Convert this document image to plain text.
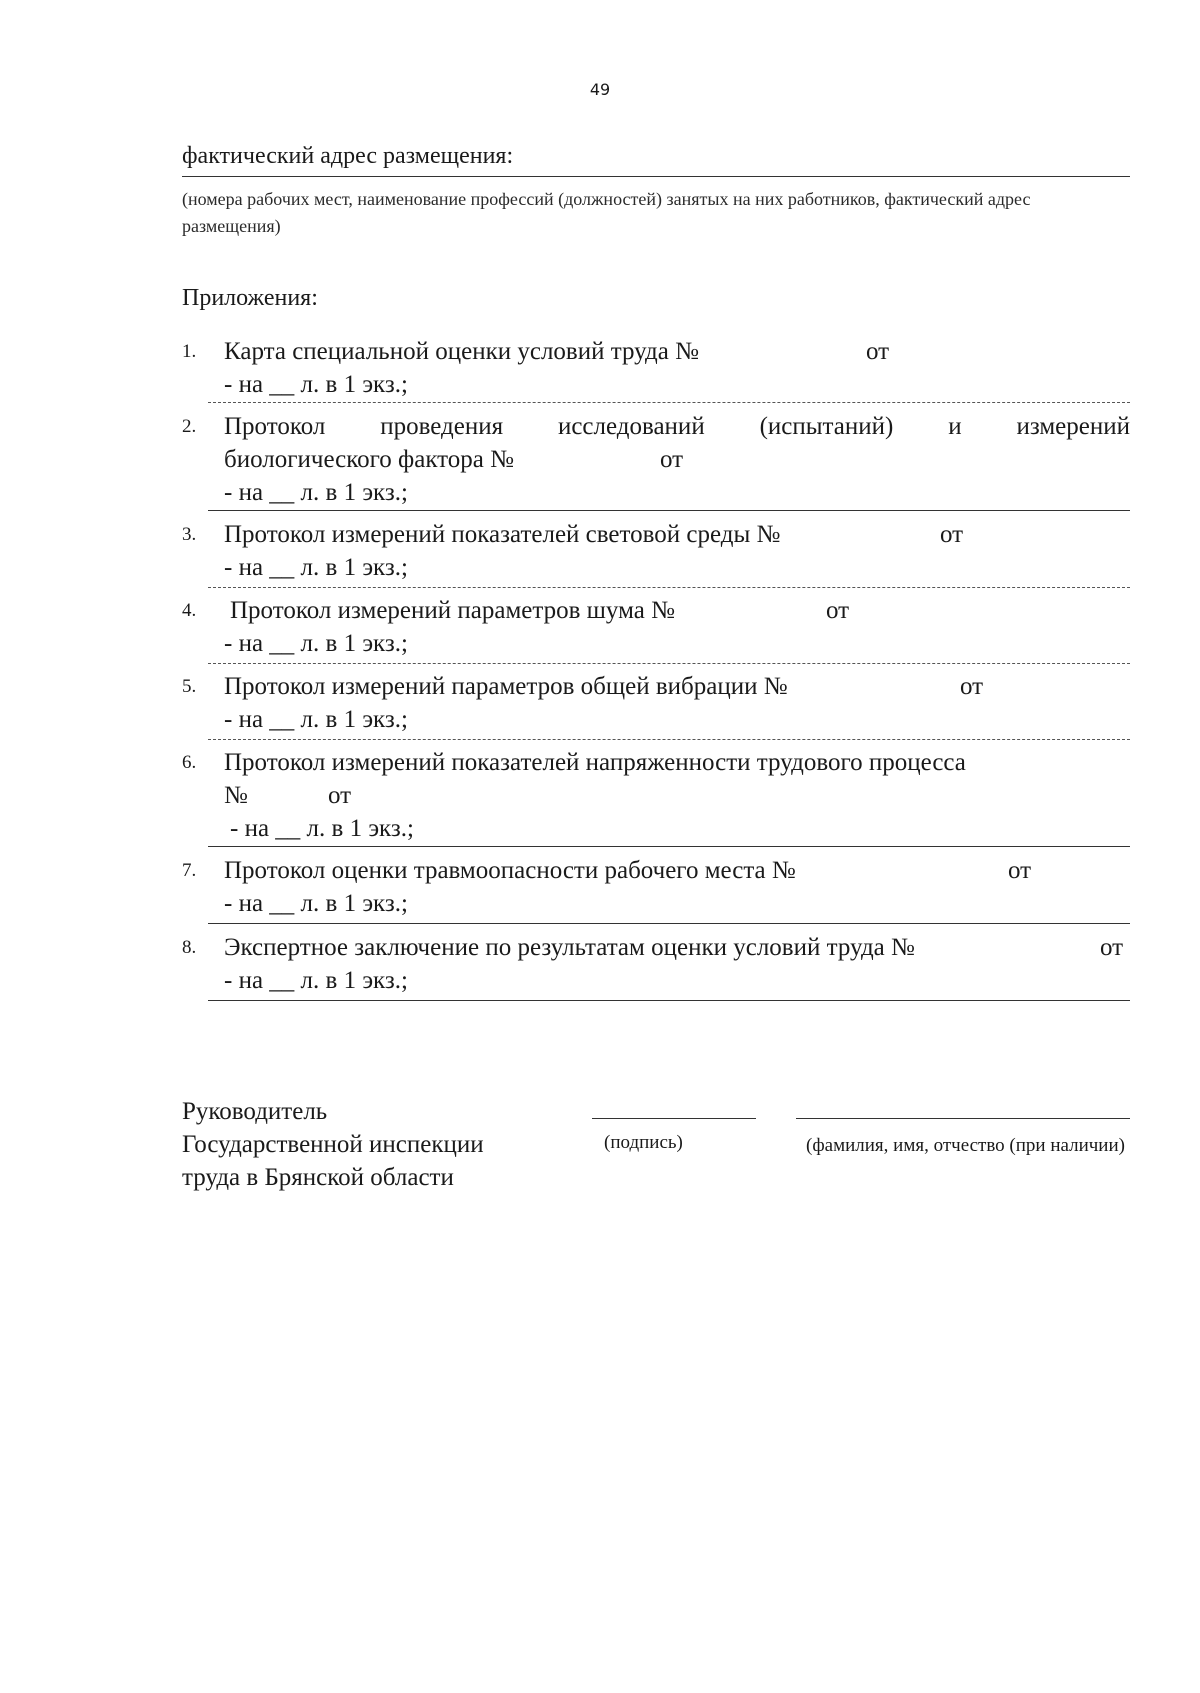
49
фактический адрес размещения:
(номера рабочих мест, наименование профессий (должностей) занятых на них работников, фактический адрес размещения)
Приложения:
1. Карта специальной оценки условий труда №	от
- на __ л. в 1 экз.;
2. Протокол проведения исследований (испытаний) и измерений
биологического фактора №	от
- на __ л. в 1 экз.;
3. Протокол измерений показателей световой среды №	от
- на __ л. в 1 экз.;
4. Протокол измерений параметров шума №	от
- на __ л. в 1 экз.;
5. Протокол измерений параметров общей вибрации №	от
- на __ л. в 1 экз.;
6. Протокол измерений показателей напряженности трудового процесса
№	от
- на __ л. в 1 экз.;
7. Протокол оценки травмоопасности рабочего места №	от
- на __ л. в 1 экз.;
8. Экспертное заключение по результатам оценки условий труда №	от
- на __ л. в 1 экз.;
Руководитель
Государственной инспекции
труда в Брянской области
(подпись)	(фамилия, имя, отчество (при наличии)
